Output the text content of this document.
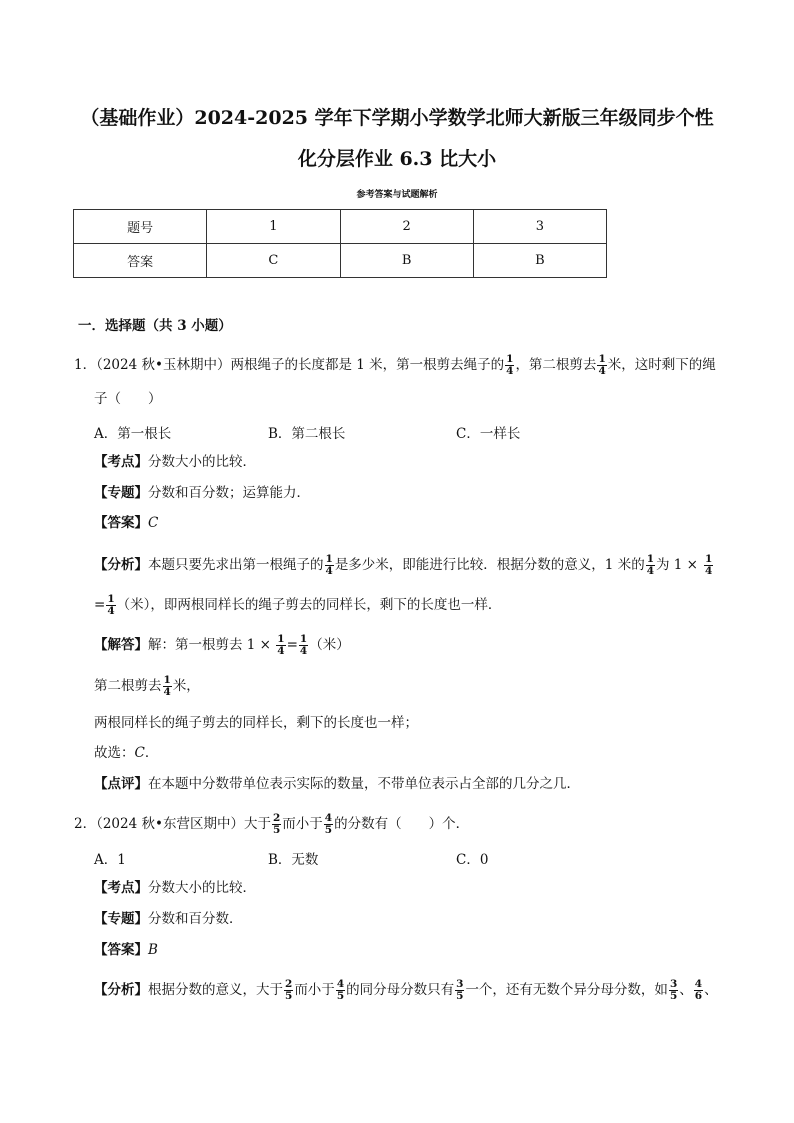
（基础作业）2024-2025 学年下学期小学数学北师大新版三年级同步个性
化分层作业 6.3 比大小
参考答案与试题解析
题号	1	2	3
答案	C	B	B
一．选择题（共 3 小题）
1．（2024 秋•玉林期中）两根绳子的长度都是 1 米，第一根剪去绳子的 $\frac{1}{4}$ ，第二根剪去 $\frac{1}{4}$ 米，这时剩下的绳
子（　　）
A．第一根长	B．第二根长	C．一样长
【考点】分数大小的比较．
【专题】分数和百分数；运算能力．
【答案】C
【分析】本题只要先求出第一根绳子的 $\frac{1}{4}$ 是多少米，即能进行比较．根据分数的意义，1 米的 $\frac{1}{4}$ 为 $1 \times \frac{1}{4}$
= $\frac{1}{4}$ （米），即两根同样长的绳子剪去的同样长，剩下的长度也一样．
【解答】解：第一根剪去 $1 \times \frac{1}{4} = \frac{1}{4}$ （米）
第二根剪去 $\frac{1}{4}$ 米，
两根同样长的绳子剪去的同样长，剩下的长度也一样；
故选：C．
【点评】在本题中分数带单位表示实际的数量，不带单位表示占全部的几分之几．
2．（2024 秋•东营区期中）大于 $\frac{2}{5}$ 而小于 $\frac{4}{5}$ 的分数有（　　）个．
A．1	B．无数	C．0
【考点】分数大小的比较．
【专题】分数和百分数．
【答案】B
【分析】根据分数的意义，大于 $\frac{2}{5}$ 而小于 $\frac{4}{5}$ 的同分母分数只有 $\frac{3}{5}$ 一个，还有无数个异分母分数，如 $\frac{3}{5}$ 、 $\frac{4}{6}$ 、
